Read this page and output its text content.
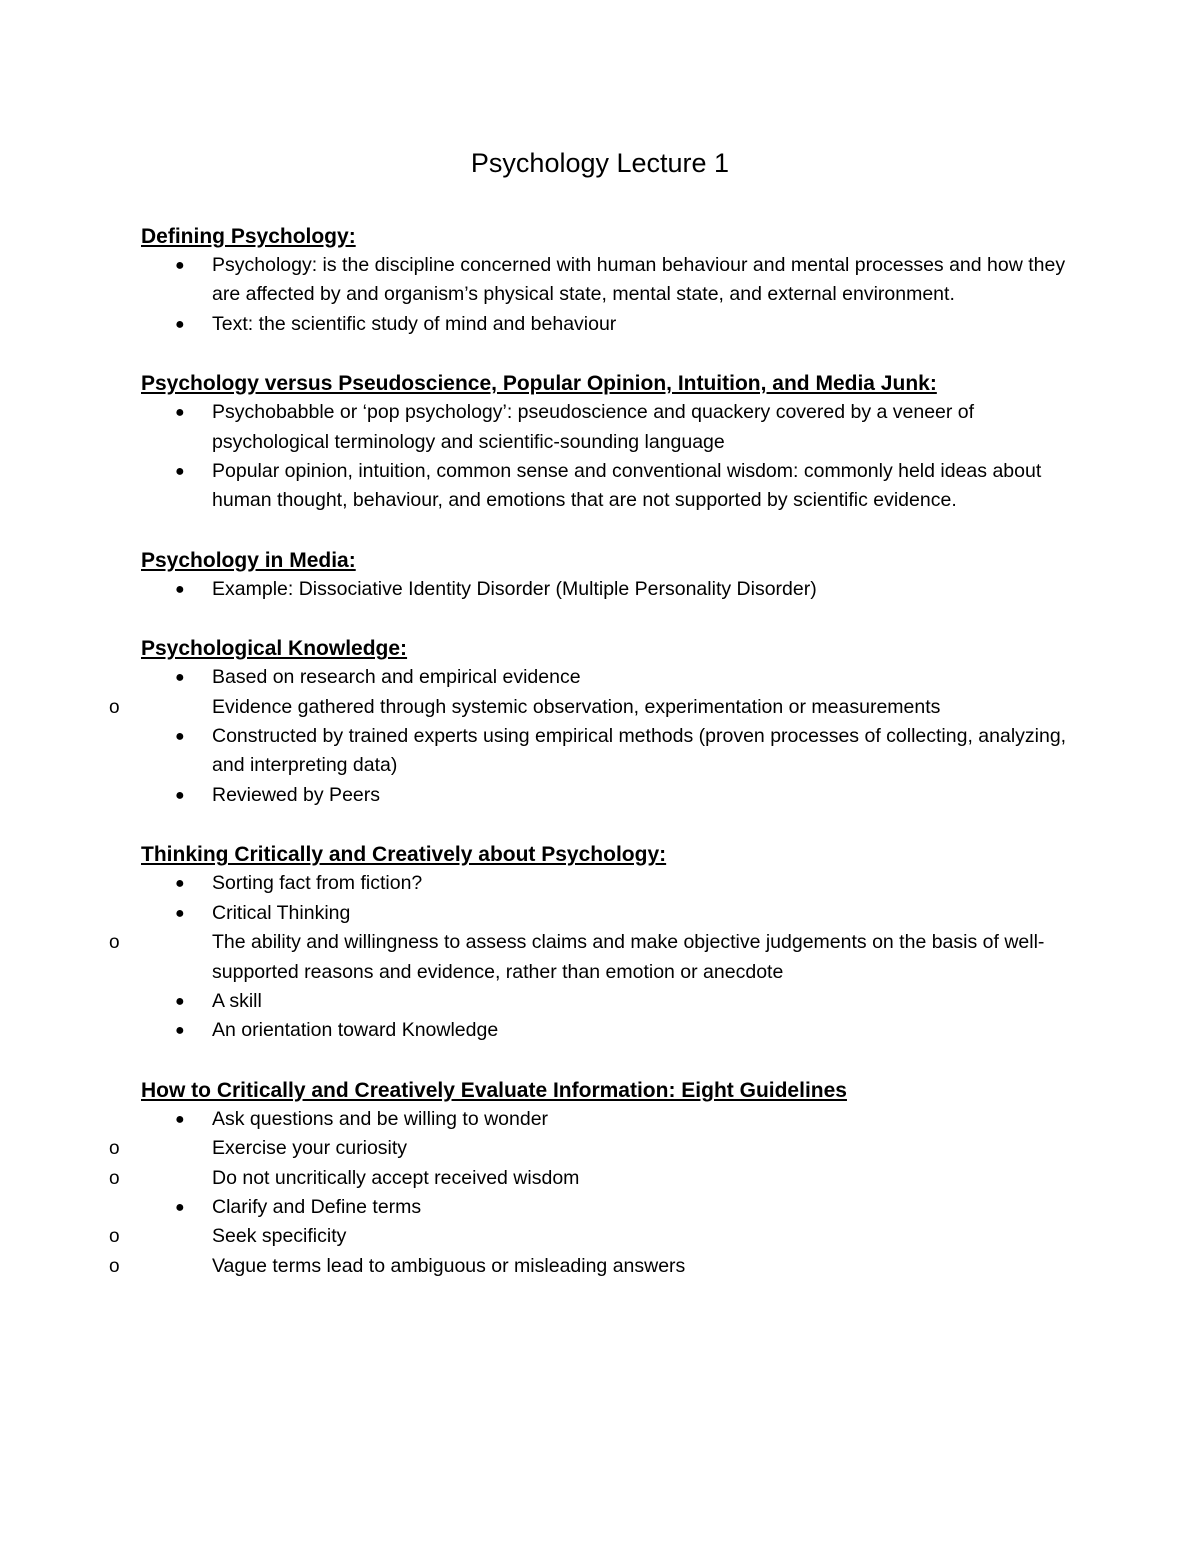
Psychology Lecture 1
Defining Psychology:
● Psychology: is the discipline concerned with human behaviour and mental processes and how they are affected by and organism’s physical state, mental state, and external environment.
● Text: the scientific study of mind and behaviour
Psychology versus Pseudoscience, Popular Opinion, Intuition, and Media Junk:
● Psychobabble or ‘pop psychology’: pseudoscience and quackery covered by a veneer of psychological terminology and scientific-sounding language
● Popular opinion, intuition, common sense and conventional wisdom: commonly held ideas about human thought, behaviour, and emotions that are not supported by scientific evidence.
Psychology in Media:
● Example: Dissociative Identity Disorder (Multiple Personality Disorder)
Psychological Knowledge:
● Based on research and empirical evidence
o	Evidence gathered through systemic observation, experimentation or measurements
● Constructed by trained experts using empirical methods (proven processes of collecting, analyzing, and interpreting data)
● Reviewed by Peers
Thinking Critically and Creatively about Psychology:
● Sorting fact from fiction?
● Critical Thinking
o	The ability and willingness to assess claims and make objective judgements on the basis of well-supported reasons and evidence, rather than emotion or anecdote
● A skill
● An orientation toward Knowledge
How to Critically and Creatively Evaluate Information: Eight Guidelines
● Ask questions and be willing to wonder
o	Exercise your curiosity
o	Do not uncritically accept received wisdom
● Clarify and Define terms
o	Seek specificity
o	Vague terms lead to ambiguous or misleading answers
